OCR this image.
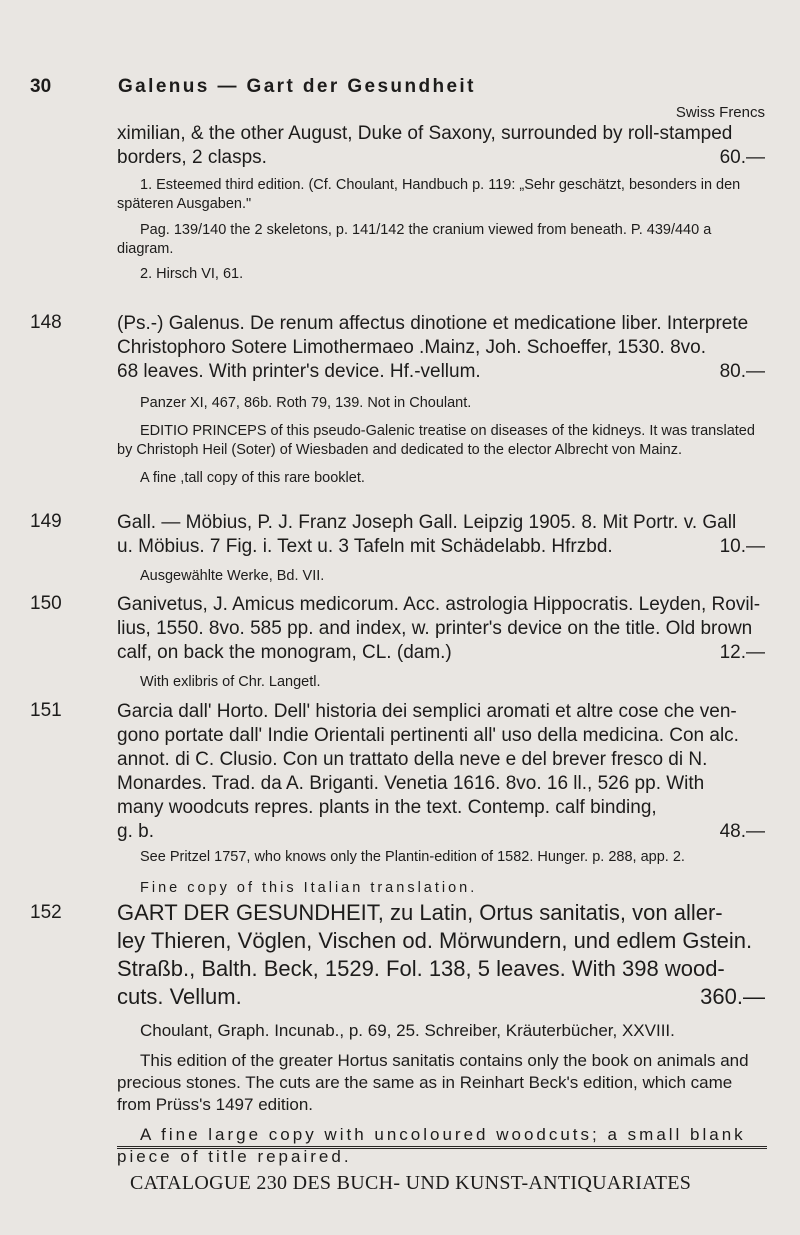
30	Galenus — Gart der Gesundheit
Swiss Frencs
ximilian, & the other August, Duke of Saxony, surrounded by roll-stamped
borders, 2 clasps.	60.—
1. Esteemed third edition. (Cf. Choulant, Handbuch p. 119: „Sehr geschätzt, besonders in den späteren Ausgaben."
Pag. 139/140 the 2 skeletons, p. 141/142 the cranium viewed from beneath. P. 439/440 a diagram.
2. Hirsch VI, 61.
148	(Ps.-) Galenus. De renum affectus dinotione et medicatione liber. Interprete
Christophoro Sotere Limothermaeo .Mainz, Joh. Schoeffer, 1530. 8vo.
68 leaves. With printer's device. Hf.-vellum.	80.—
Panzer XI, 467, 86b. Roth 79, 139. Not in Choulant.
EDITIO PRINCEPS of this pseudo-Galenic treatise on diseases of the kidneys. It was translated by Christoph Heil (Soter) of Wiesbaden and dedicated to the elector Albrecht von Mainz.
A fine ,tall copy of this rare booklet.
149	Gall. — Möbius, P. J. Franz Joseph Gall. Leipzig 1905. 8. Mit Portr. v. Gall
u. Möbius. 7 Fig. i. Text u. 3 Tafeln mit Schädelabb. Hfrzbd.	10.—
Ausgewählte Werke, Bd. VII.
150	Ganivetus, J. Amicus medicorum. Acc. astrologia Hippocratis. Leyden, Rovil-
lius, 1550. 8vo. 585 pp. and index, w. printer's device on the title. Old brown
calf, on back the monogram, CL. (dam.)	12.—
With exlibris of Chr. Langetl.
151	Garcia dall' Horto. Dell' historia dei semplici aromati et altre cose che ven-
gono portate dall' Indie Orientali pertinenti all' uso della medicina. Con alc.
annot. di C. Clusio. Con un trattato della neve e del brever fresco di N.
Monardes. Trad. da A. Briganti. Venetia 1616. 8vo. 16 ll., 526 pp. With
many woodcuts repres. plants in the text. Contemp. calf binding,
g. b.	48.—
See Pritzel 1757, who knows only the Plantin-edition of 1582. Hunger. p. 288, app. 2.
Fine copy of this Italian translation.
152	GART DER GESUNDHEIT, zu Latin, Ortus sanitatis, von aller-
ley Thieren, Vöglen, Vischen od. Mörwundern, und edlem Gstein.
Straßb., Balth. Beck, 1529. Fol. 138, 5 leaves. With 398 wood-
cuts. Vellum.	360.—
Choulant, Graph. Incunab., p. 69, 25. Schreiber, Kräuterbücher, XXVIII.
This edition of the greater Hortus sanitatis contains only the book on animals and precious stones. The cuts are the same as in Reinhart Beck's edition, which came from Prüss's 1497 edition.
A fine large copy with uncoloured woodcuts; a small blank piece of title repaired.
CATALOGUE 230 DES BUCH- UND KUNST-ANTIQUARIATES
